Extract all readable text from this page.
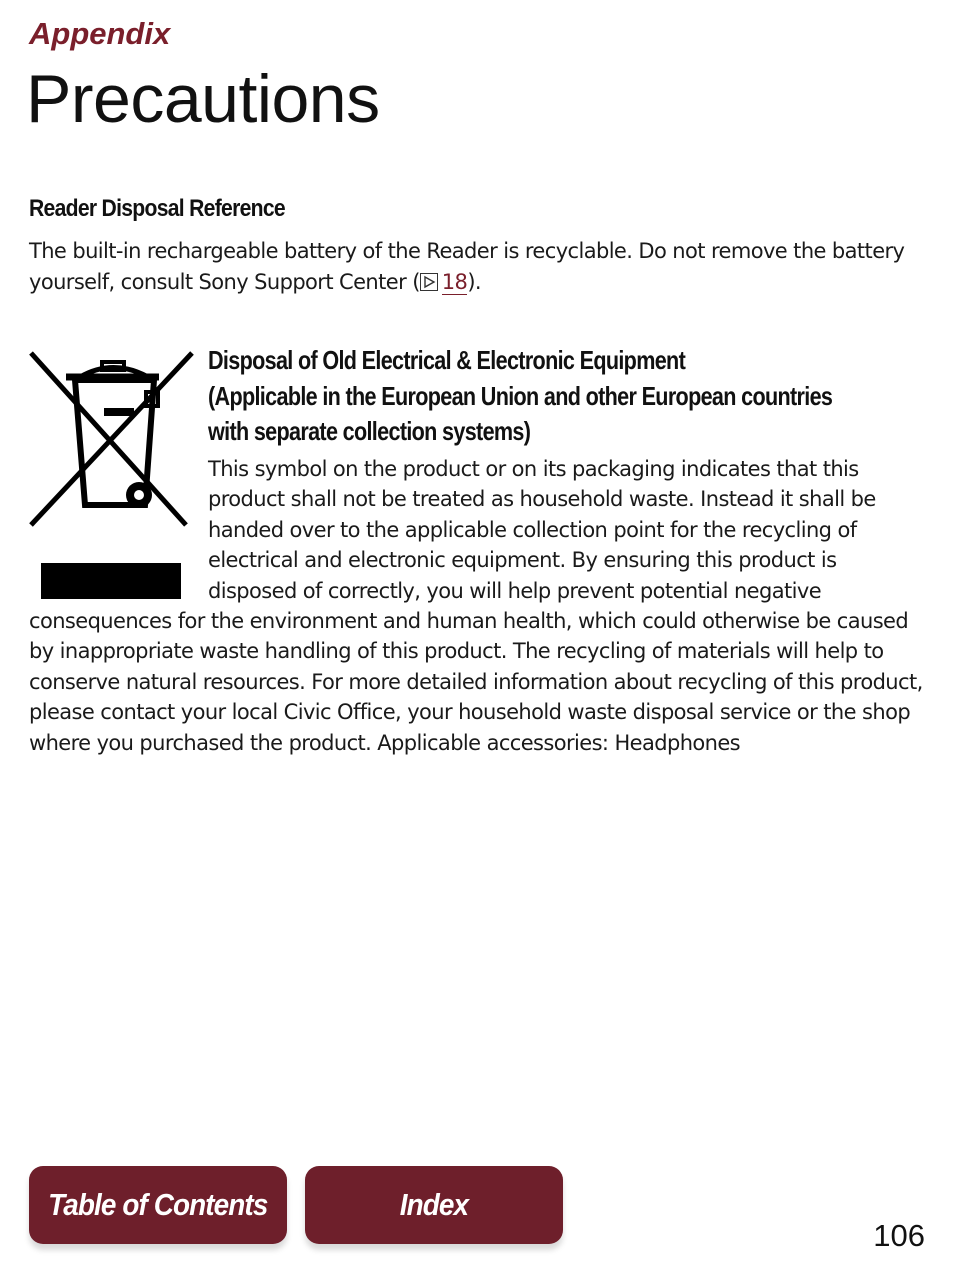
Appendix
Precautions
Reader Disposal Reference

The built-in rechargeable battery of the Reader is recyclable. Do not remove the battery yourself, consult Sony Support Center ( 18).

Disposal of Old Electrical & Electronic Equipment
(Applicable in the European Union and other European countries
with separate collection systems)
This symbol on the product or on its packaging indicates that this product shall not be treated as household waste. Instead it shall be handed over to the applicable collection point for the recycling of electrical and electronic equipment. By ensuring this product is disposed of correctly, you will help prevent potential negative consequences for the environment and human health, which could otherwise be caused by inappropriate waste handling of this product. The recycling of materials will help to conserve natural resources. For more detailed information about recycling of this product, please contact your local Civic Office, your household waste disposal service or the shop where you purchased the product. Applicable accessories: Headphones
Table of Contents	Index
106
